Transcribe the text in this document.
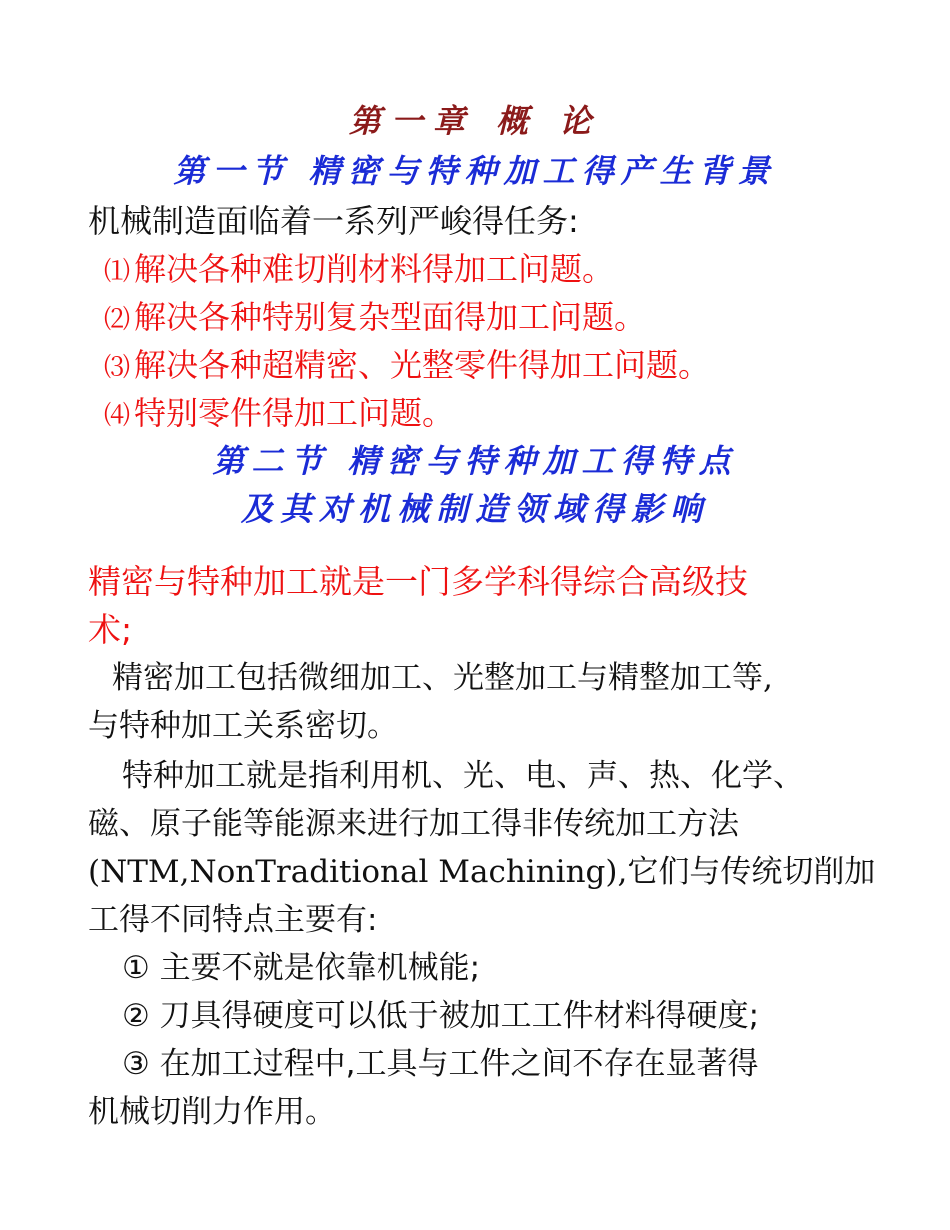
第一章 概 论
第一节 精密与特种加工得产生背景
机械制造面临着一系列严峻得任务:
⑴ 解决各种难切削材料得加工问题。
⑵ 解决各种特别复杂型面得加工问题。
⑶ 解决各种超精密、光整零件得加工问题。
⑷ 特别零件得加工问题。
第二节 精密与特种加工得特点
及其对机械制造领域得影响
精密与特种加工就是一门多学科得综合高级技
术;
精密加工包括微细加工、光整加工与精整加工等,
与特种加工关系密切。
特种加工就是指利用机、光、电、声、热、化学、
磁、原子能等能源来进行加工得非传统加工方法
(NTM,NonTraditional Machining),它们与传统切削加
工得不同特点主要有:
① 主要不就是依靠机械能;
② 刀具得硬度可以低于被加工工件材料得硬度;
③ 在加工过程中,工具与工件之间不存在显著得
机械切削力作用。
